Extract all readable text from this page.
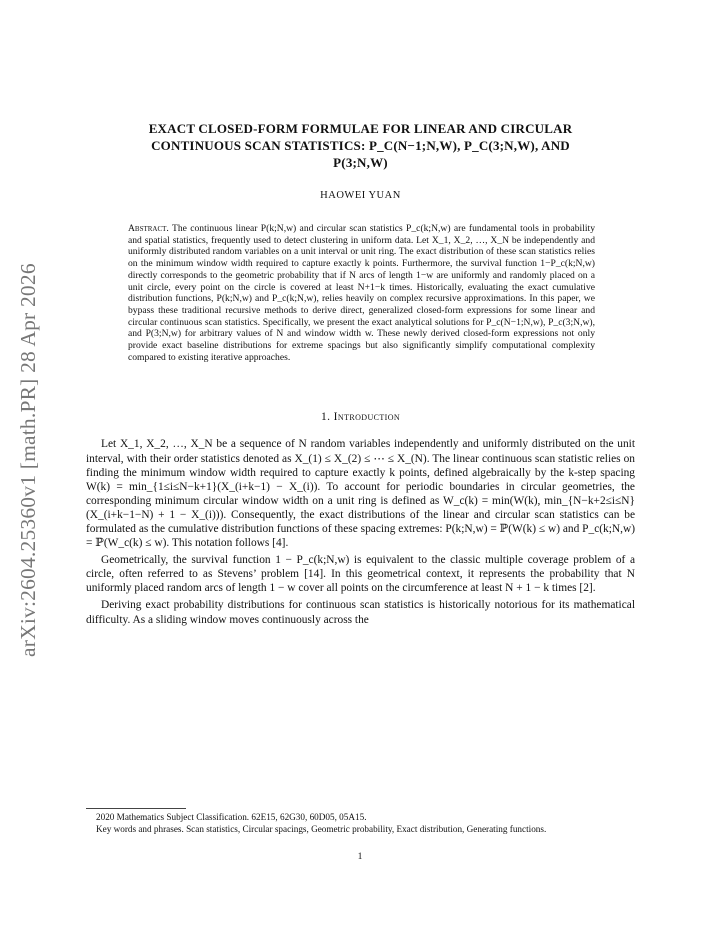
arXiv:2604.25360v1 [math.PR] 28 Apr 2026
EXACT CLOSED-FORM FORMULAE FOR LINEAR AND CIRCULAR
CONTINUOUS SCAN STATISTICS: P_C(N−1;N,W), P_C(3;N,W), AND
P(3;N,W)
HAOWEI YUAN
Abstract. The continuous linear P(k;N,w) and circular scan statistics P_c(k;N,w) are fundamental tools in probability and spatial statistics, frequently used to detect clustering in uniform data. Let X_1, X_2, …, X_N be independently and uniformly distributed random variables on a unit interval or unit ring. The exact distribution of these scan statistics relies on the minimum window width required to capture exactly k points. Furthermore, the survival function 1−P_c(k;N,w) directly corresponds to the geometric probability that if N arcs of length 1−w are uniformly and randomly placed on a unit circle, every point on the circle is covered at least N+1−k times. Historically, evaluating the exact cumulative distribution functions, P(k;N,w) and P_c(k;N,w), relies heavily on complex recursive approximations. In this paper, we bypass these traditional recursive methods to derive direct, generalized closed-form expressions for some linear and circular continuous scan statistics. Specifically, we present the exact analytical solutions for P_c(N−1;N,w), P_c(3;N,w), and P(3;N,w) for arbitrary values of N and window width w. These newly derived closed-form expressions not only provide exact baseline distributions for extreme spacings but also significantly simplify computational complexity compared to existing iterative approaches.
1. Introduction

Let X_1, X_2, …, X_N be a sequence of N random variables independently and uniformly distributed on the unit interval, with their order statistics denoted as X_(1) ≤ X_(2) ≤ ⋯ ≤ X_(N). The linear continuous scan statistic relies on finding the minimum window width required to capture exactly k points, defined algebraically by the k-step spacing W(k) = min_{1≤i≤N−k+1}(X_(i+k−1) − X_(i)). To account for periodic boundaries in circular geometries, the corresponding minimum circular window width on a unit ring is defined as W_c(k) = min(W(k), min_{N−k+2≤i≤N}(X_(i+k−1−N) + 1 − X_(i))). Consequently, the exact distributions of the linear and circular scan statistics can be formulated as the cumulative distribution functions of these spacing extremes: P(k;N,w) = ℙ(W(k) ≤ w) and P_c(k;N,w) = ℙ(W_c(k) ≤ w). This notation follows [4].

Geometrically, the survival function 1 − P_c(k;N,w) is equivalent to the classic multiple coverage problem of a circle, often referred to as Stevens’ problem [14]. In this geometrical context, it represents the probability that N uniformly placed random arcs of length 1 − w cover all points on the circumference at least N + 1 − k times [2].

Deriving exact probability distributions for continuous scan statistics is historically notorious for its mathematical difficulty. As a sliding window moves continuously across the

2020 Mathematics Subject Classification. 62E15, 62G30, 60D05, 05A15.

Key words and phrases. Scan statistics, Circular spacings, Geometric probability, Exact distribution, Generating functions.

1
